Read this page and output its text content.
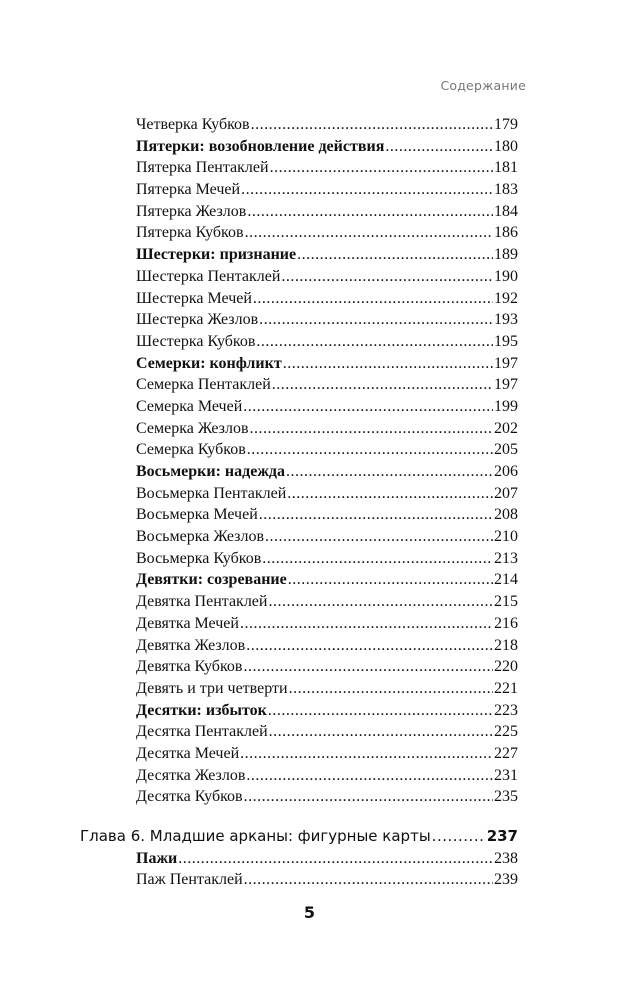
Содержание
Четверка Кубков .....	179
Пятерки: возобновление действия .....	180
Пятерка Пентаклей .....	181
Пятерка Мечей .....	183
Пятерка Жезлов .....	184
Пятерка Кубков .....	186
Шестерки: признание .....	189
Шестерка Пентаклей .....	190
Шестерка Мечей .....	192
Шестерка Жезлов .....	193
Шестерка Кубков .....	195
Семерки: конфликт .....	197
Семерка Пентаклей .....	197
Семерка Мечей .....	199
Семерка Жезлов .....	202
Семерка Кубков .....	205
Восьмерки: надежда .....	206
Восьмерка Пентаклей .....	207
Восьмерка Мечей .....	208
Восьмерка Жезлов .....	210
Восьмерка Кубков .....	213
Девятки: созревание .....	214
Девятка Пентаклей .....	215
Девятка Мечей .....	216
Девятка Жезлов .....	218
Девятка Кубков .....	220
Девять и три четверти .....	221
Десятки: избыток .....	223
Десятка Пентаклей .....	225
Десятка Мечей .....	227
Десятка Жезлов .....	231
Десятка Кубков .....	235
Глава 6. Младшие арканы: фигурные карты .....	237
Пажи .....	238
Паж Пентаклей .....	239
5
